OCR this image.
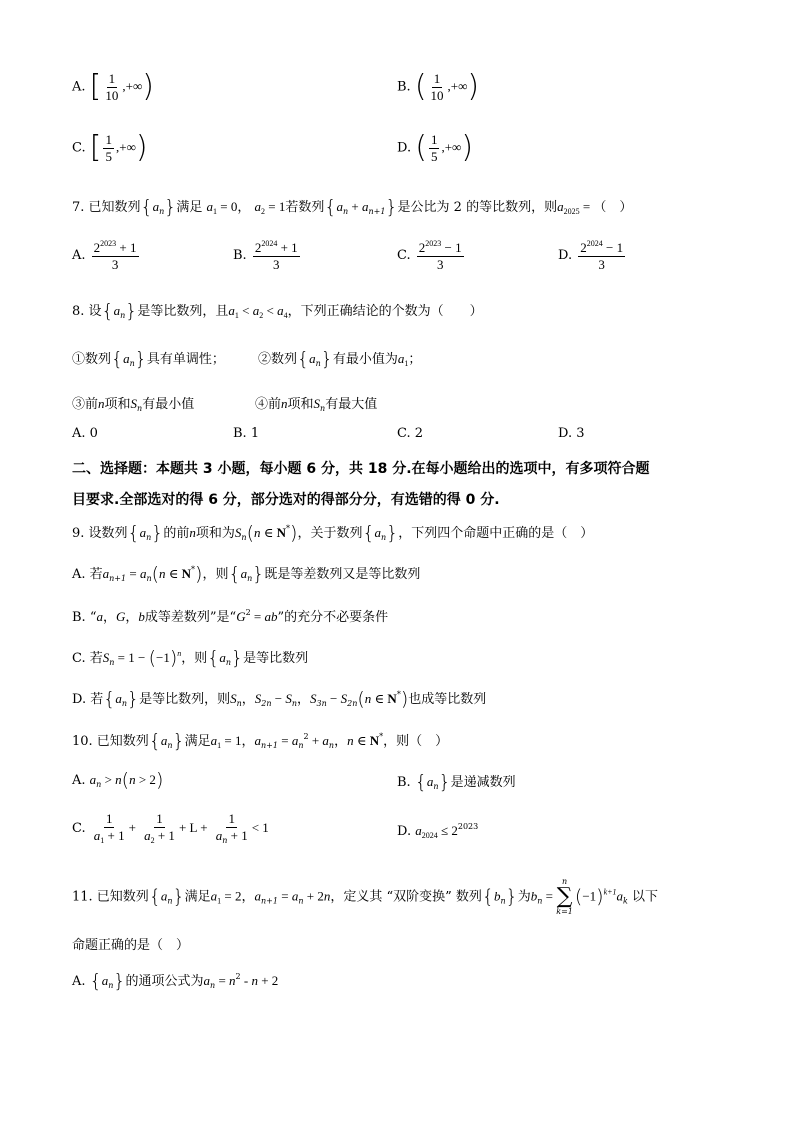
A. [ $\frac{1}{10}$ ,+∞)	B. ( $\frac{1}{10}$ ,+∞)
C. [ $\frac{1}{5}$ ,+∞)	D. ( $\frac{1}{5}$ ,+∞)
7. 已知数列$\{a_n\}$满足 $a_1 = 0$， $a_2 = 1$若数列$\{a_n + a_{n+1}\}$是公比为 2 的等比数列，则$a_{2025}$ = （　）
A. $\frac{2^{2023} + 1}{3}$	B. $\frac{2^{2024} + 1}{3}$	C. $\frac{2^{2023} - 1}{3}$	D. $\frac{2^{2024} - 1}{3}$
8. 设$\{a_n\}$是等比数列，且$a_1 < a_2 < a_4$，下列正确结论的个数为（　　）
①数列$\{a_n\}$具有单调性；	②数列$\{a_n\}$有最小值为$a_1$；
③前n项和$S_n$有最小值	④前n项和$S_n$有最大值
A. 0	B. 1	C. 2	D. 3
二、选择题：本题共 3 小题，每小题 6 分，共 18 分.在每小题给出的选项中，有多项符合题
目要求.全部选对的得 6 分，部分选对的得部分分，有选错的得 0 分.
9. 设数列$\{a_n\}$的前n项和为$S_n(n$ ∈ N*)，关于数列$\{a_n\}$，下列四个命题中正确的是（　）
A. 若$a_{n+1} = a_n(n$ ∈ N*)，则$\{a_n\}$既是等差数列又是等比数列
B. “a，G，b成等差数列”是“$G^2$ = ab”的充分不必要条件
C. 若$S_n = 1 - (-1)^n$，则$\{a_n\}$是等比数列
D. 若$\{a_n\}$是等比数列，则$S_n$，$S_{2n} - S_n$，$S_{3n} - S_{2n}(n$ ∈ N*)也成等比数列
10. 已知数列$\{a_n\}$满足$a_1 = 1$，$a_{n+1} = a_n^2 + a_n$，n ∈ N*，则（　）
A. $a_n > n(n > 2)$	B. $\{a_n\}$是递减数列
C. $\frac{1}{a_1 + 1} + \frac{1}{a_2 + 1} + L + \frac{1}{a_n + 1} < 1$	D. $a_{2024} \le 2^{2023}$
11. 已知数列$\{a_n\}$满足$a_1 = 2$，$a_{n+1} = a_n + 2n$，定义其 “双阶变换” 数列$\{b_n\}$为$b_n$ =
n
∑
k=1
$(-1)^{k+1}a_k$ 以下
命题正确的是（　）
A. $\{a_n\}$的通项公式为$a_n = n^2 - n + 2$
